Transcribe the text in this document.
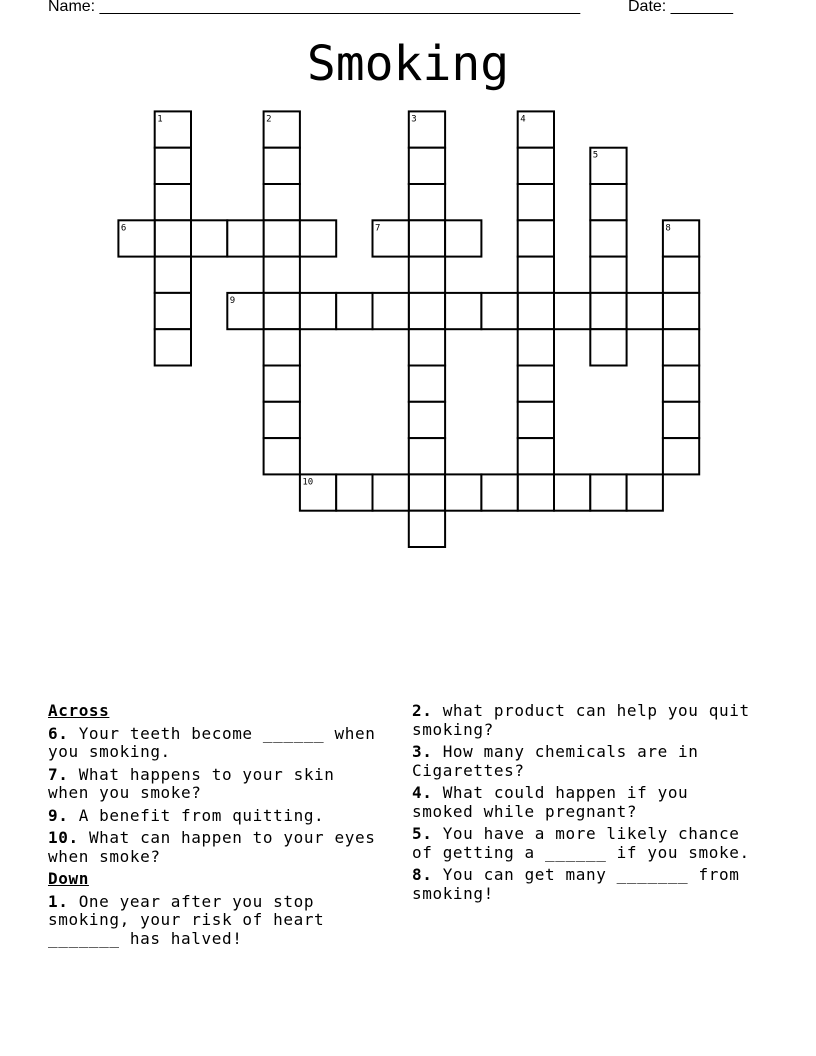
Name: ______________________________________________________	Date: _______
Smoking
1	2	3	4
5
6	7	8
9
10
Across
6. Your teeth become ______ when you smoking.
7. What happens to your skin when you smoke?
9. A benefit from quitting.
10. What can happen to your eyes when smoke?
Down
1. One year after you stop smoking, your risk of heart _______ has halved!
2. what product can help you quit smoking?
3. How many chemicals are in Cigarettes?
4. What could happen if you smoked while pregnant?
5. You have a more likely chance of getting a ______ if you smoke.
8. You can get many _______ from smoking!
